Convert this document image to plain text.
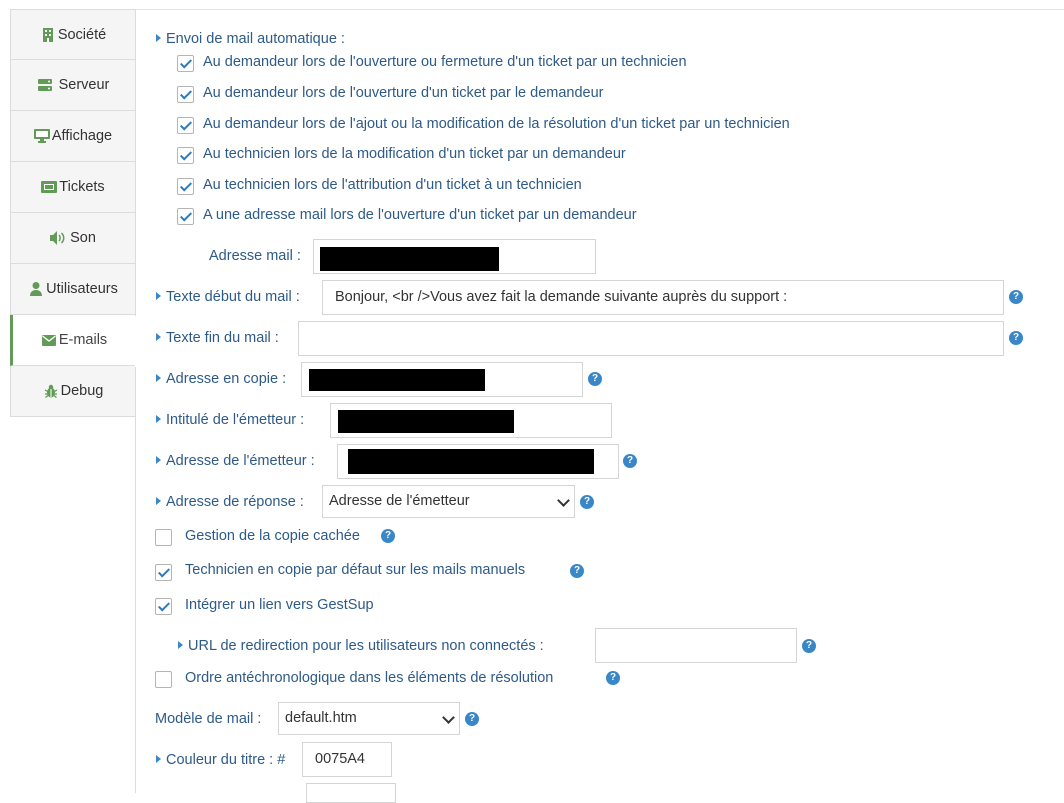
Société
Serveur
Affichage
Tickets
Son
Utilisateurs
E-mails
Debug
Envoi de mail automatique :
Au demandeur lors de l'ouverture ou fermeture d'un ticket par un technicien
Au demandeur lors de l'ouverture d'un ticket par le demandeur
Au demandeur lors de l'ajout ou la modification de la résolution d'un ticket par un technicien
Au technicien lors de la modification d'un ticket par un demandeur
Au technicien lors de l'attribution d'un ticket à un technicien
A une adresse mail lors de l'ouverture d'un ticket par un demandeur
Adresse mail :
Texte début du mail :	Bonjour, <br />Vous avez fait la demande suivante auprès du support :	?
Texte fin du mail :	?
Adresse en copie :	?
Intitulé de l'émetteur :
Adresse de l'émetteur :	?
Adresse de réponse :	Adresse de l'émetteur	?
Gestion de la copie cachée	?
Technicien en copie par défaut sur les mails manuels	?
Intégrer un lien vers GestSup
URL de redirection pour les utilisateurs non connectés :	?
Ordre antéchronologique dans les éléments de résolution	?
Modèle de mail :	default.htm	?
Couleur du titre : #	0075A4
